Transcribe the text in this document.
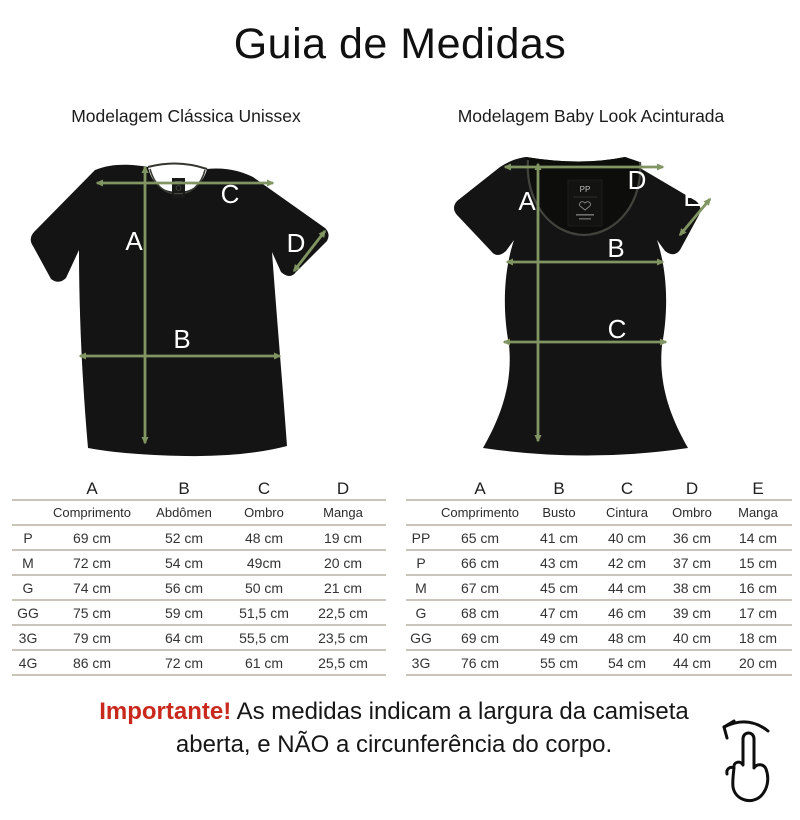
Guia de Medidas
Modelagem Clássica Unissex	Modelagem Baby Look Acinturada
A
B
C
D
PP
A
B
C
D
E
	A	B	C	D
	Comprimento	Abdômen	Ombro	Manga
P	69 cm	52 cm	48 cm	19 cm
M	72 cm	54 cm	49cm	20 cm
G	74 cm	56 cm	50 cm	21 cm
GG	75 cm	59 cm	51,5 cm	22,5 cm
3G	79 cm	64 cm	55,5 cm	23,5 cm
4G	86 cm	72 cm	61 cm	25,5 cm
	A	B	C	D	E
	Comprimento	Busto	Cintura	Ombro	Manga
PP	65 cm	41 cm	40 cm	36 cm	14 cm
P	66 cm	43 cm	42 cm	37 cm	15 cm
M	67 cm	45 cm	44 cm	38 cm	16 cm
G	68 cm	47 cm	46 cm	39 cm	17 cm
GG	69 cm	49 cm	48 cm	40 cm	18 cm
3G	76 cm	55 cm	54 cm	44 cm	20 cm
Importante! As medidas indicam a largura da camiseta
aberta, e NÃO a circunferência do corpo.
